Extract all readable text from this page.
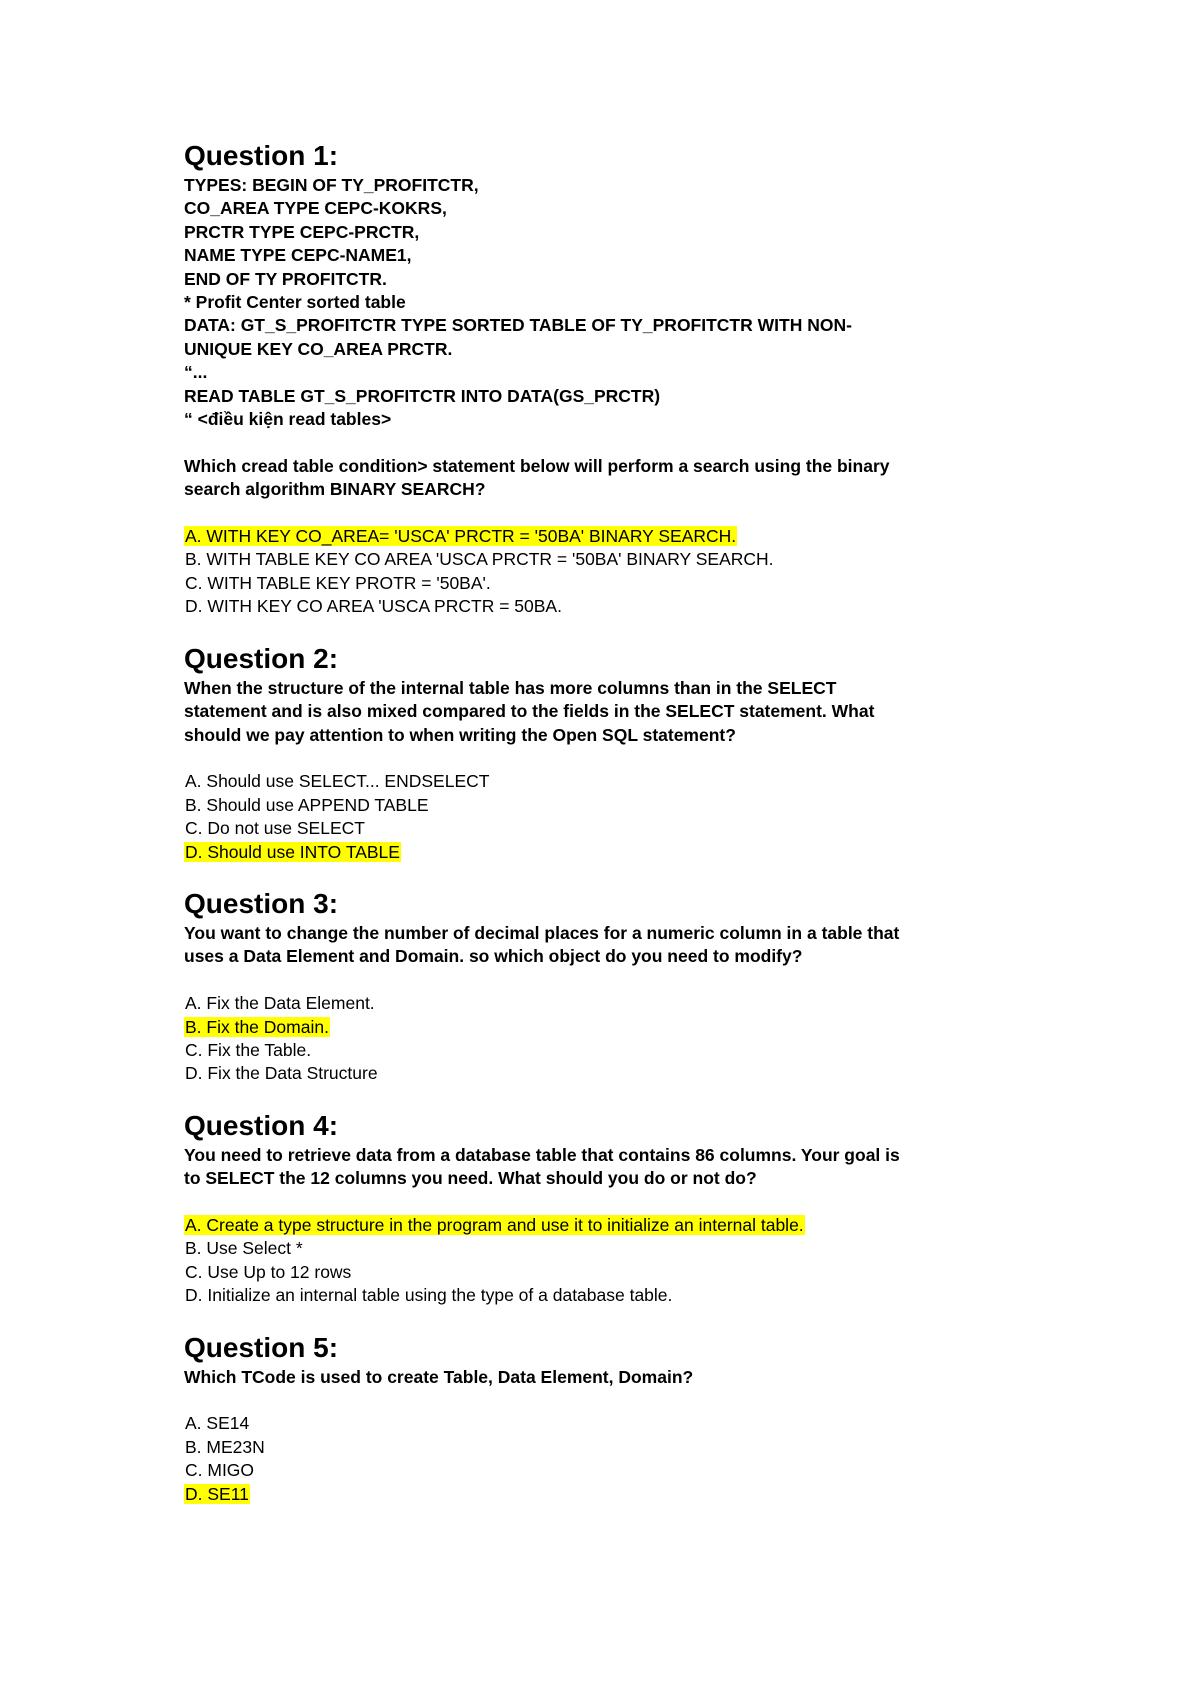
Question 1:
TYPES: BEGIN OF TY_PROFITCTR,
CO_AREA TYPE CEPC-KOKRS,
PRCTR TYPE CEPC-PRCTR,
NAME TYPE CEPC-NAME1,
END OF TY PROFITCTR.
* Profit Center sorted table
DATA: GT_S_PROFITCTR TYPE SORTED TABLE OF TY_PROFITCTR WITH NON-
UNIQUE KEY CO_AREA PRCTR.
“...
READ TABLE GT_S_PROFITCTR INTO DATA(GS_PRCTR)
“ <điều kiện read tables>
Which cread table condition> statement below will perform a search using the binary
search algorithm BINARY SEARCH?
A. WITH KEY CO_AREA= 'USCA' PRCTR = '50BA' BINARY SEARCH.
B. WITH TABLE KEY CO AREA 'USCA PRCTR = '50BA' BINARY SEARCH.
C. WITH TABLE KEY PROTR = '50BA'.
D. WITH KEY CO AREA 'USCA PRCTR = 50BA.
Question 2:
When the structure of the internal table has more columns than in the SELECT
statement and is also mixed compared to the fields in the SELECT statement. What
should we pay attention to when writing the Open SQL statement?
A. Should use SELECT... ENDSELECT
B. Should use APPEND TABLE
C. Do not use SELECT
D. Should use INTO TABLE
Question 3:
You want to change the number of decimal places for a numeric column in a table that
uses a Data Element and Domain. so which object do you need to modify?
A. Fix the Data Element.
B. Fix the Domain.
C. Fix the Table.
D. Fix the Data Structure
Question 4:
You need to retrieve data from a database table that contains 86 columns. Your goal is
to SELECT the 12 columns you need. What should you do or not do?
A. Create a type structure in the program and use it to initialize an internal table.
B. Use Select *
C. Use Up to 12 rows
D. Initialize an internal table using the type of a database table.
Question 5:
Which TCode is used to create Table, Data Element, Domain?
A. SE14
B. ME23N
C. MIGO
D. SE11
